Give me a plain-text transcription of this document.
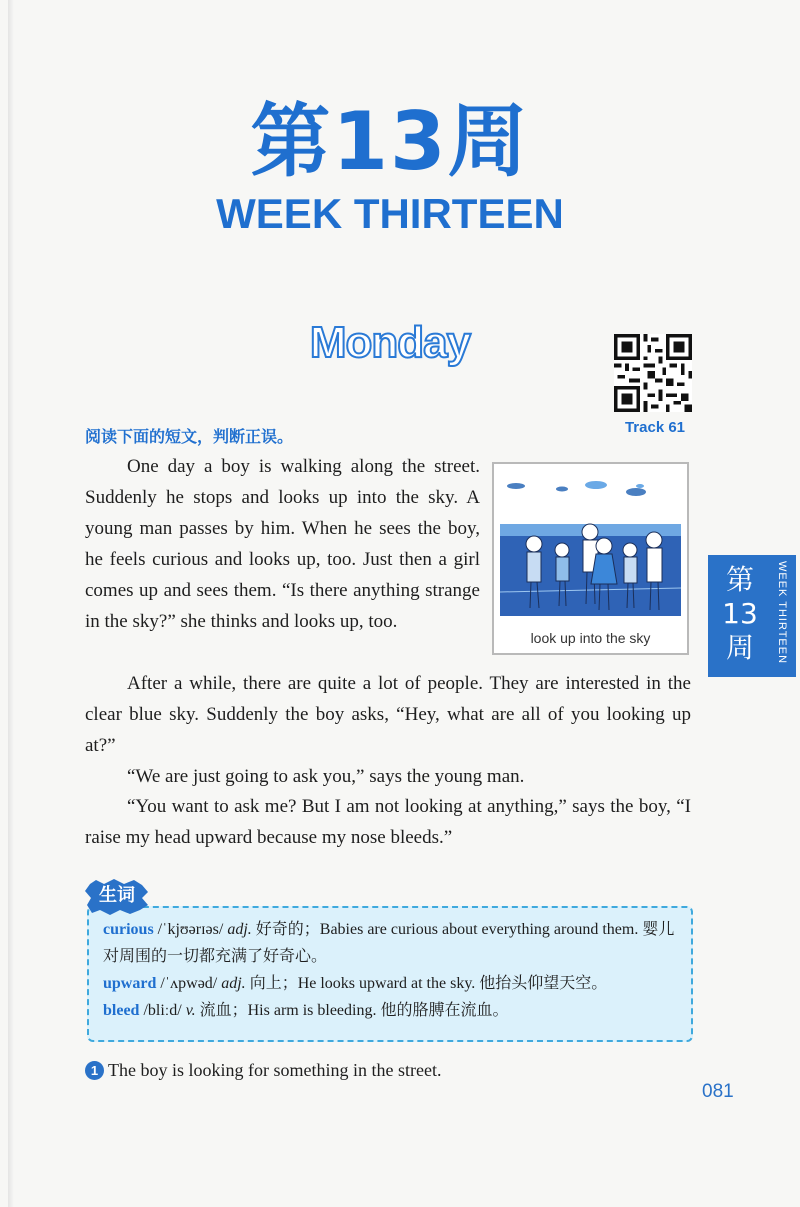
第13周
WEEK THIRTEEN
Monday
Track 61
阅读下面的短文，判断正误。

One day a boy is walking along the street. Suddenly he stops and looks up into the sky. A young man passes by him. When he sees the boy, he feels curious and looks up, too. Just then a girl comes up and sees them. “Is there anything strange in the sky?” she thinks and looks up, too.

look up into the sky

After a while, there are quite a lot of people. They are interested in the clear blue sky. Suddenly the boy asks, “Hey, what are all of you looking up at?”

“We are just going to ask you,” says the young man.

“You want to ask me? But I am not looking at anything,” says the boy, “I raise my head upward because my nose bleeds.”

第13周	WEEK THIRTEEN

curious /ˈkjʊərɪəs/ adj. 好奇的；Babies are curious about everything around them. 婴儿对周围的一切都充满了好奇心。

upward /ˈʌpwəd/ adj. 向上；He looks upward at the sky. 他抬头仰望天空。

bleed /bliːd/ v. 流血；His arm is bleeding. 他的胳膊在流血。

生词
1 The boy is looking for something in the street.
081
